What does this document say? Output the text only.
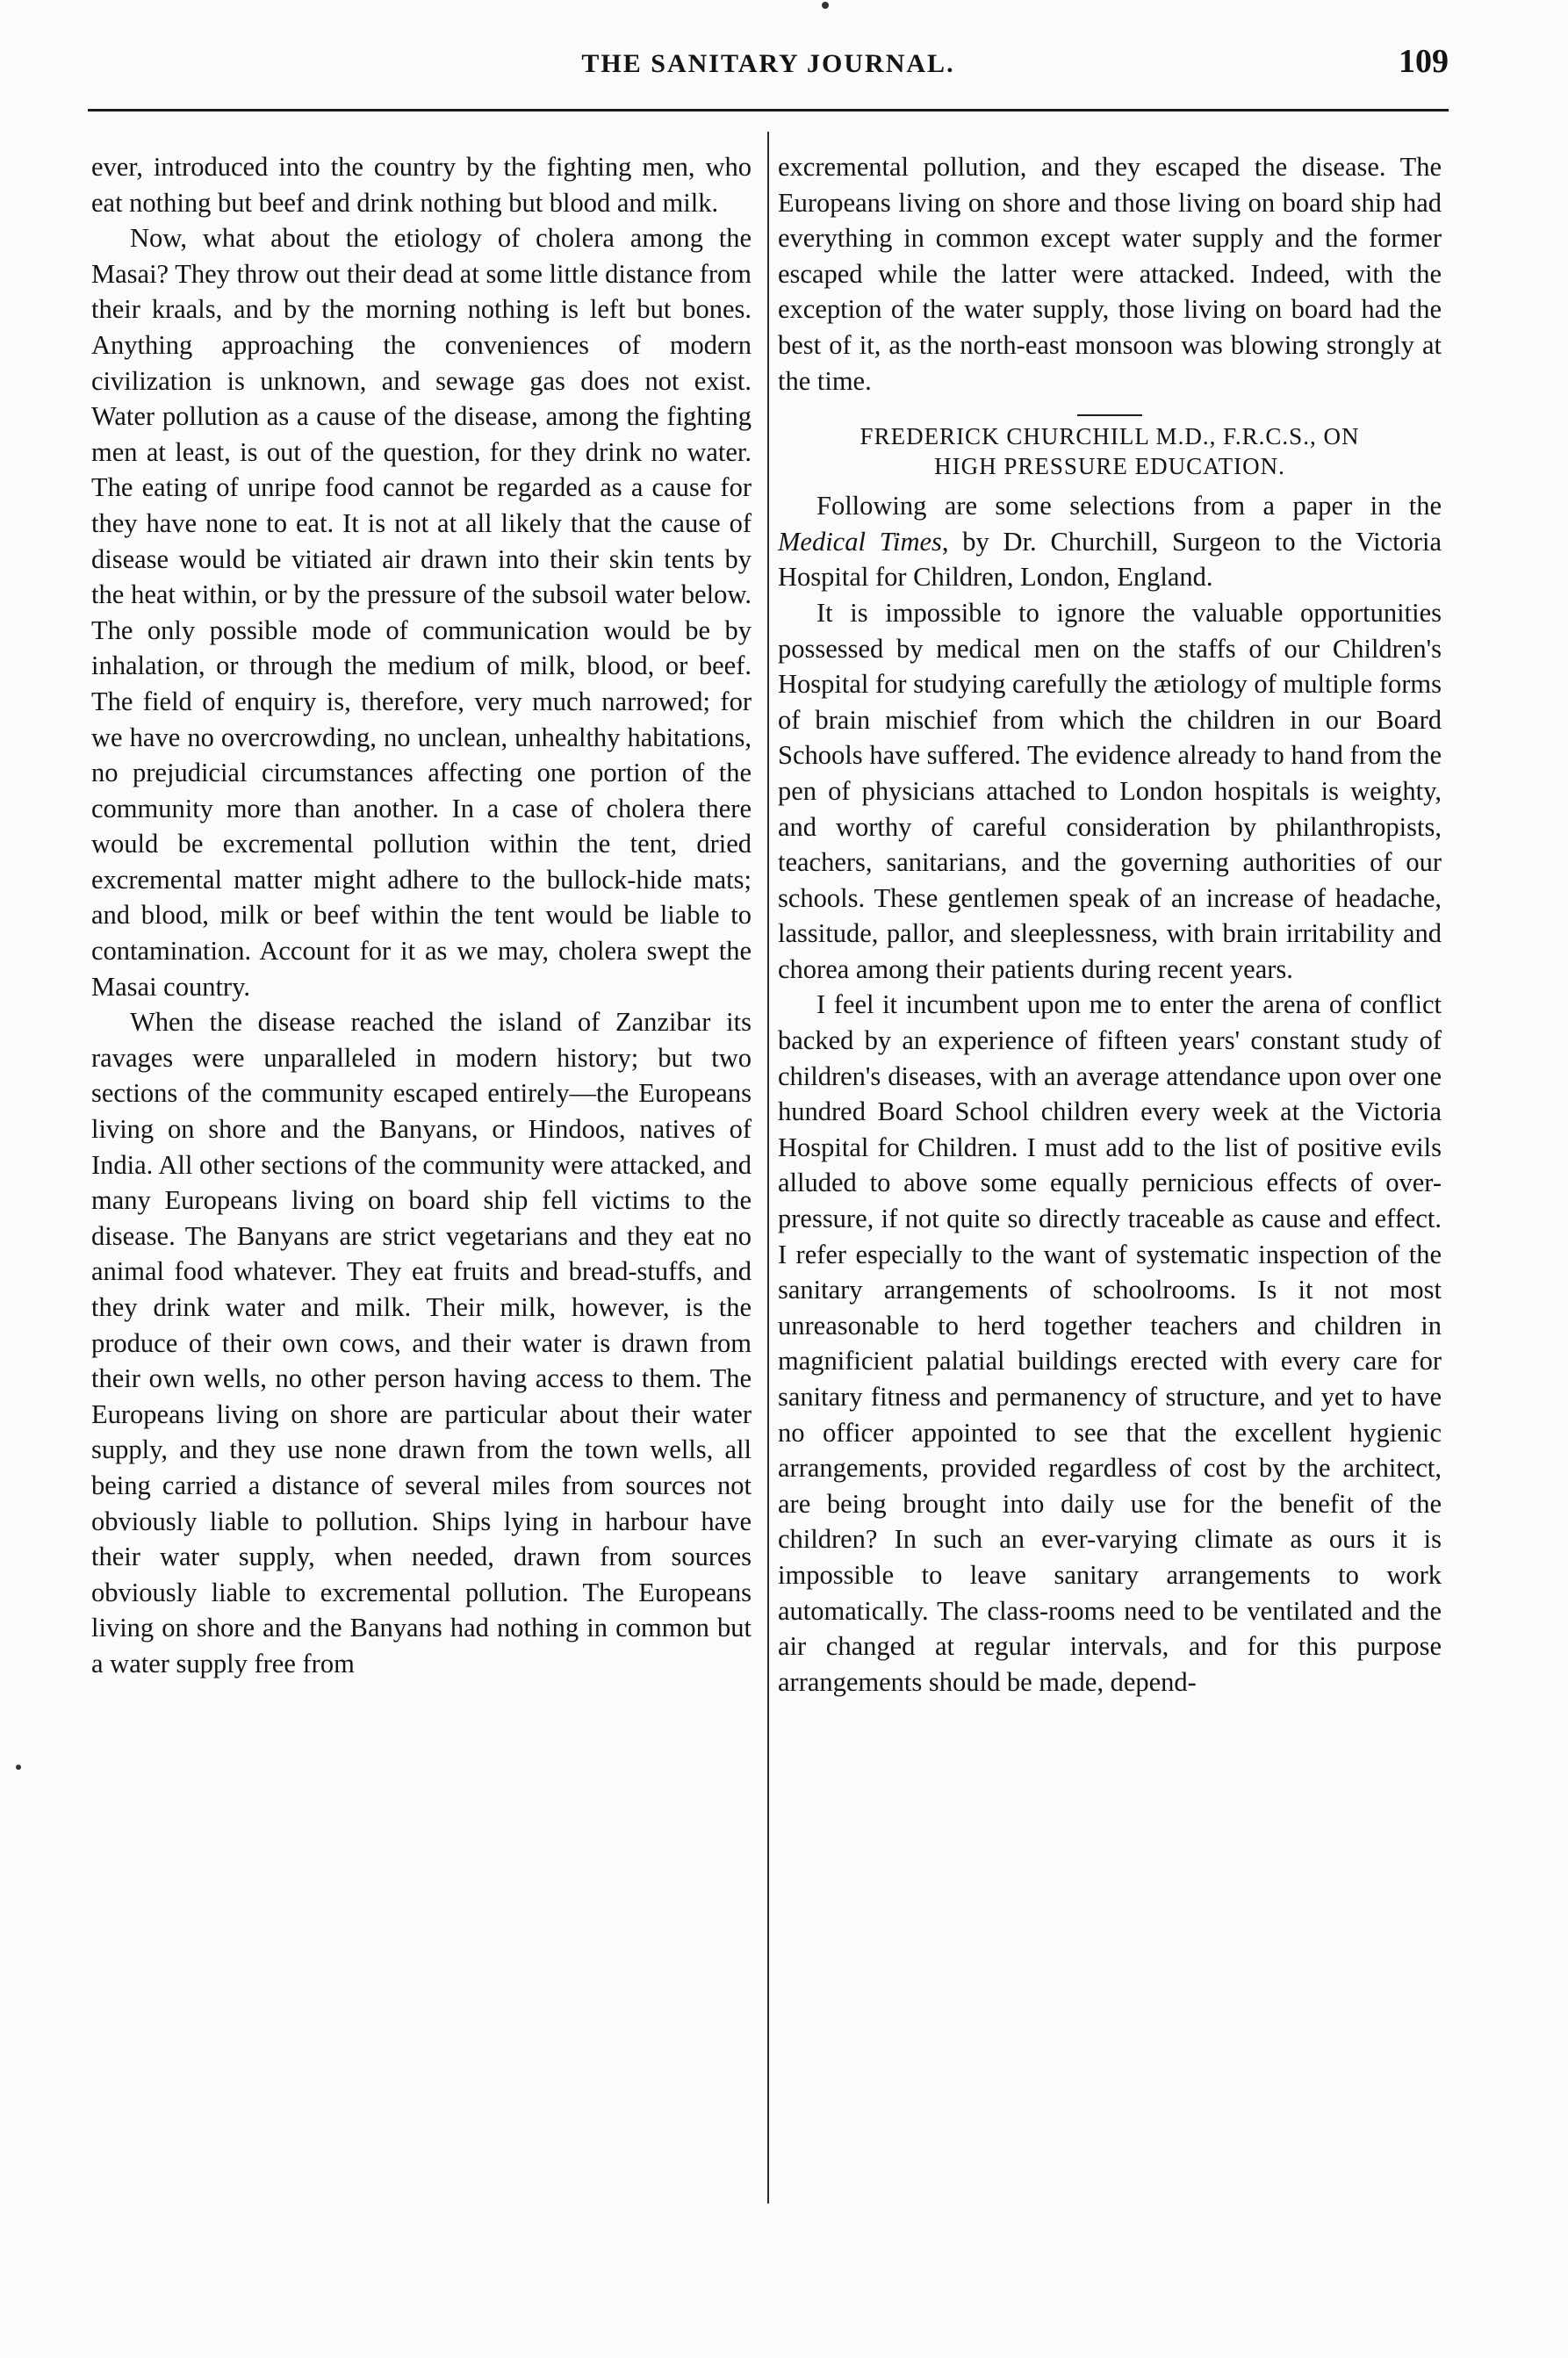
THE SANITARY JOURNAL.	109

ever, introduced into the country by the fighting men, who eat nothing but beef and drink nothing but blood and milk.

Now, what about the etiology of cholera among the Masai? They throw out their dead at some little distance from their kraals, and by the morning nothing is left but bones. Anything approaching the conveniences of modern civilization is unknown, and sewage gas does not exist. Water pollution as a cause of the disease, among the fighting men at least, is out of the question, for they drink no water. The eating of unripe food cannot be regarded as a cause for they have none to eat. It is not at all likely that the cause of disease would be vitiated air drawn into their skin tents by the heat within, or by the pressure of the subsoil water below. The only possible mode of communication would be by inhalation, or through the medium of milk, blood, or beef. The field of enquiry is, therefore, very much narrowed; for we have no overcrowding, no unclean, unhealthy habitations, no prejudicial circumstances affecting one portion of the community more than another. In a case of cholera there would be excremental pollution within the tent, dried excremental matter might adhere to the bullock-hide mats; and blood, milk or beef within the tent would be liable to contamination. Account for it as we may, cholera swept the Masai country.

When the disease reached the island of Zanzibar its ravages were unparalleled in modern history; but two sections of the community escaped entirely—the Europeans living on shore and the Banyans, or Hindoos, natives of India. All other sections of the community were attacked, and many Europeans living on board ship fell victims to the disease. The Banyans are strict vegetarians and they eat no animal food whatever. They eat fruits and bread-stuffs, and they drink water and milk. Their milk, however, is the produce of their own cows, and their water is drawn from their own wells, no other person having access to them. The Europeans living on shore are particular about their water supply, and they use none drawn from the town wells, all being carried a distance of several miles from sources not obviously liable to pollution. Ships lying in harbour have their water supply, when needed, drawn from sources obviously liable to excremental pollution. The Europeans living on shore and the Banyans had nothing in common but a water supply free from

excremental pollution, and they escaped the disease. The Europeans living on shore and those living on board ship had everything in common except water supply and the former escaped while the latter were attacked. Indeed, with the exception of the water supply, those living on board had the best of it, as the north-east monsoon was blowing strongly at the time.

FREDERICK CHURCHILL M.D., F.R.C.S., ON
HIGH PRESSURE EDUCATION.

Following are some selections from a paper in the Medical Times, by Dr. Churchill, Surgeon to the Victoria Hospital for Children, London, England.

It is impossible to ignore the valuable opportunities possessed by medical men on the staffs of our Children's Hospital for studying carefully the ætiology of multiple forms of brain mischief from which the children in our Board Schools have suffered. The evidence already to hand from the pen of physicians attached to London hospitals is weighty, and worthy of careful consideration by philanthropists, teachers, sanitarians, and the governing authorities of our schools. These gentlemen speak of an increase of headache, lassitude, pallor, and sleeplessness, with brain irritability and chorea among their patients during recent years.

I feel it incumbent upon me to enter the arena of conflict backed by an experience of fifteen years' constant study of children's diseases, with an average attendance upon over one hundred Board School children every week at the Victoria Hospital for Children. I must add to the list of positive evils alluded to above some equally pernicious effects of over-pressure, if not quite so directly traceable as cause and effect. I refer especially to the want of systematic inspection of the sanitary arrangements of schoolrooms. Is it not most unreasonable to herd together teachers and children in magnificient palatial buildings erected with every care for sanitary fitness and permanency of structure, and yet to have no officer appointed to see that the excellent hygienic arrangements, provided regardless of cost by the architect, are being brought into daily use for the benefit of the children? In such an ever-varying climate as ours it is impossible to leave sanitary arrangements to work automatically. The class-rooms need to be ventilated and the air changed at regular intervals, and for this purpose arrangements should be made, depend-
